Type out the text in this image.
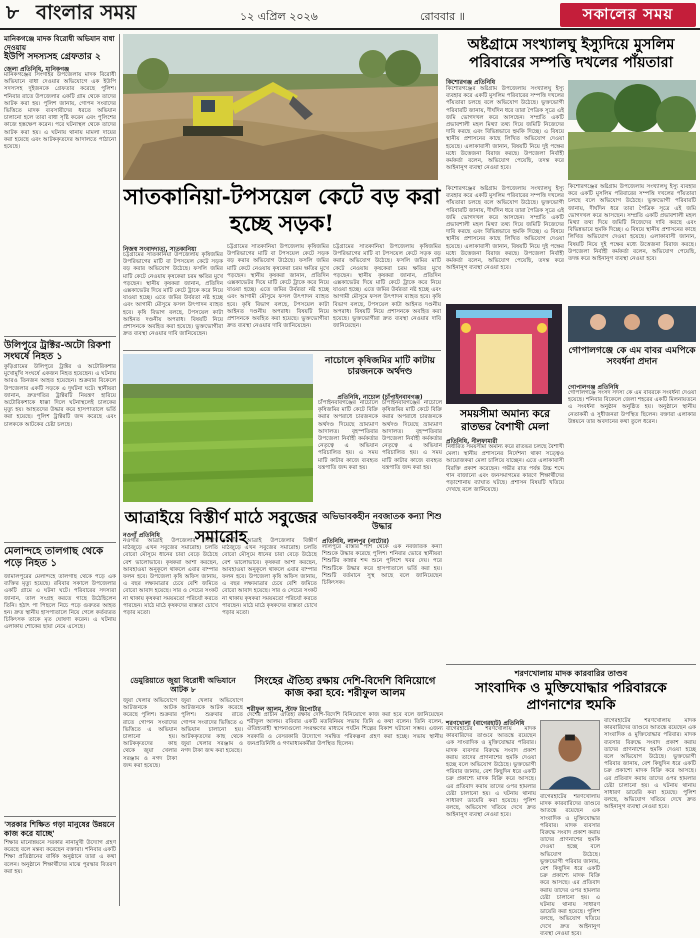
৮ বাংলার সময়	১২ এপ্রিল ২০২৬	রোববার ॥	সকালের সময়
মানিকগঞ্জে মাদক বিরোধী অভিযান বাধা দেওয়ায়
ইউপি সদস্যসহ গ্রেফতার ২
জেলা প্রতিনিধি, মানিকগঞ্জ
মানিকগঞ্জের সিংগাইর উপজেলায় মাদক বিরোধী অভিযানে বাধা দেওয়ার অভিযোগে এক ইউপি সদস্যসহ দুইজনকে গ্রেফতার করেছে পুলিশ। শনিবার রাতে উপজেলার একটি গ্রাম থেকে তাদের আটক করা হয়। পুলিশ জানায়, গোপন সংবাদের ভিত্তিতে মাদক ব্যবসায়ীদের ধরতে অভিযান চালানো হলে তারা বাধা সৃষ্টি করেন এবং পুলিশের কাজে হস্তক্ষেপ করেন। পরে ঘটনাস্থল থেকে তাদের আটক করা হয়। এ ঘটনায় থানায় মামলা দায়ের করা হয়েছে এবং আটককৃতদের আদালতে পাঠানো হয়েছে।
উলিপুরে ট্রাক্টর-অটো রিকশা সংঘর্ষে নিহত ১
কুড়িগ্রামের উলিপুরে ট্রাক্টর ও অটোরিকশার মুখোমুখি সংঘর্ষে একজন নিহত হয়েছেন। এ ঘটনায় আরও তিনজন আহত হয়েছেন। শুক্রবার বিকেলে উপজেলার একটি সড়কে এ দুর্ঘটনা ঘটে। স্থানীয়রা জানান, দ্রুতগতির ট্রাক্টরটি নিয়ন্ত্রণ হারিয়ে অটোরিকশাকে ধাক্কা দিলে ঘটনাস্থলেই চালকের মৃত্যু হয়। আহতদের উদ্ধার করে হাসপাতালে ভর্তি করা হয়েছে। পুলিশ ট্রাক্টরটি জব্দ করেছে এবং চালককে আটকের চেষ্টা চলছে।
মেলান্দহে তালগাছ থেকে পড়ে নিহত ১
জামালপুরের মেলান্দহে তালগাছ থেকে পড়ে এক ব্যক্তির মৃত্যু হয়েছে। রবিবার সকালে উপজেলার একটি গ্রামে এ ঘটনা ঘটে। পরিবারের সদস্যরা জানান, তাল সংগ্রহ করতে গাছে উঠেছিলেন তিনি। হঠাৎ পা পিছলে নিচে পড়ে গুরুতর আহত হন। দ্রুত স্থানীয় হাসপাতালে নিয়ে গেলে কর্তব্যরত চিকিৎসক তাকে মৃত ঘোষণা করেন। এ ঘটনায় এলাকায় শোকের ছায়া নেমে এসেছে।
'সরকার শিক্ষিত গড়া মানুষের উন্নয়নে কাজ করে যাচ্ছে'
শিক্ষার মানোন্নয়নে সরকার নানামুখী উদ্যোগ গ্রহণ করেছে বলে মন্তব্য করেছেন বক্তারা। শনিবার একটি শিক্ষা প্রতিষ্ঠানের বার্ষিক অনুষ্ঠানে তারা এ কথা বলেন। অনুষ্ঠানে শিক্ষার্থীদের মাঝে পুরস্কার বিতরণ করা হয়।
অষ্টগ্রামে সংখ্যালঘু ইস্যুদিয়ে মুসলিম পরিবারের সম্পত্তি দখলের পাঁয়তারা
কিশোরগঞ্জ প্রতিনিধি
কিশোরগঞ্জের অষ্টগ্রাম উপজেলায় সংখ্যালঘু ইস্যু ব্যবহার করে একটি মুসলিম পরিবারের সম্পত্তি দখলের পাঁয়তারা চলছে বলে অভিযোগ উঠেছে। ভুক্তভোগী পরিবারটি জানায়, দীর্ঘদিন ধরে তারা পৈত্রিক সূত্রে এই জমি ভোগদখল করে আসছেন। সম্প্রতি একটি প্রভাবশালী মহল মিথ্যা তথ্য দিয়ে জমিটি নিজেদের দাবি করছে এবং বিভিন্নভাবে হুমকি দিচ্ছে। এ বিষয়ে স্থানীয় প্রশাসনের কাছে লিখিত অভিযোগ দেওয়া হয়েছে। এলাকাবাসী জানান, বিষয়টি নিয়ে দুই পক্ষের মধ্যে উত্তেজনা বিরাজ করছে। উপজেলা নির্বাহী কর্মকর্তা বলেন, অভিযোগ পেয়েছি, তদন্ত করে আইনানুগ ব্যবস্থা নেওয়া হবে।
কিশোরগঞ্জের অষ্টগ্রাম উপজেলায় সংখ্যালঘু ইস্যু ব্যবহার করে একটি মুসলিম পরিবারের সম্পত্তি দখলের পাঁয়তারা চলছে বলে অভিযোগ উঠেছে। ভুক্তভোগী পরিবারটি জানায়, দীর্ঘদিন ধরে তারা পৈত্রিক সূত্রে এই জমি ভোগদখল করে আসছেন। সম্প্রতি একটি প্রভাবশালী মহল মিথ্যা তথ্য দিয়ে জমিটি নিজেদের দাবি করছে এবং বিভিন্নভাবে হুমকি দিচ্ছে। এ বিষয়ে স্থানীয় প্রশাসনের কাছে লিখিত অভিযোগ দেওয়া হয়েছে। এলাকাবাসী জানান, বিষয়টি নিয়ে দুই পক্ষের মধ্যে উত্তেজনা বিরাজ করছে। উপজেলা নির্বাহী কর্মকর্তা বলেন, অভিযোগ পেয়েছি, তদন্ত করে আইনানুগ ব্যবস্থা নেওয়া হবে।
কিশোরগঞ্জের অষ্টগ্রাম উপজেলায় সংখ্যালঘু ইস্যু ব্যবহার করে একটি মুসলিম পরিবারের সম্পত্তি দখলের পাঁয়তারা চলছে বলে অভিযোগ উঠেছে। ভুক্তভোগী পরিবারটি জানায়, দীর্ঘদিন ধরে তারা পৈত্রিক সূত্রে এই জমি ভোগদখল করে আসছেন। সম্প্রতি একটি প্রভাবশালী মহল মিথ্যা তথ্য দিয়ে জমিটি নিজেদের দাবি করছে এবং বিভিন্নভাবে হুমকি দিচ্ছে। এ বিষয়ে স্থানীয় প্রশাসনের কাছে লিখিত অভিযোগ দেওয়া হয়েছে। এলাকাবাসী জানান, বিষয়টি নিয়ে দুই পক্ষের মধ্যে উত্তেজনা বিরাজ করছে। উপজেলা নির্বাহী কর্মকর্তা বলেন, অভিযোগ পেয়েছি, তদন্ত করে আইনানুগ ব্যবস্থা নেওয়া হবে।
সাতকানিয়া-টপসয়েল কেটে বড় করা হচ্ছে সড়ক!
নিজস্ব সংবাদদাতা, সাতকানিয়া
চট্টগ্রামের সাতকানিয়া উপজেলায় কৃষিজমির উপরিভাগের মাটি বা টপসয়েল কেটে সড়ক বড় করার অভিযোগ উঠেছে। ফসলি জমির মাটি কেটে নেওয়ায় কৃষকেরা চরম ক্ষতির মুখে পড়ছেন। স্থানীয় কৃষকরা জানান, প্রতিদিন এক্সকাভেটর দিয়ে মাটি কেটে ট্রাকে করে নিয়ে যাওয়া হচ্ছে। এতে জমির উর্বরতা নষ্ট হচ্ছে এবং আগামী মৌসুমে ফসল উৎপাদন ব্যাহত হবে। কৃষি বিভাগ বলছে, টপসয়েল কাটা আইনত দণ্ডনীয় অপরাধ। বিষয়টি নিয়ে প্রশাসনকে অবহিত করা হয়েছে। ভুক্তভোগীরা দ্রুত ব্যবস্থা নেওয়ার দাবি জানিয়েছেন।
চট্টগ্রামের সাতকানিয়া উপজেলায় কৃষিজমির উপরিভাগের মাটি বা টপসয়েল কেটে সড়ক বড় করার অভিযোগ উঠেছে। ফসলি জমির মাটি কেটে নেওয়ায় কৃষকেরা চরম ক্ষতির মুখে পড়ছেন। স্থানীয় কৃষকরা জানান, প্রতিদিন এক্সকাভেটর দিয়ে মাটি কেটে ট্রাকে করে নিয়ে যাওয়া হচ্ছে। এতে জমির উর্বরতা নষ্ট হচ্ছে এবং আগামী মৌসুমে ফসল উৎপাদন ব্যাহত হবে। কৃষি বিভাগ বলছে, টপসয়েল কাটা আইনত দণ্ডনীয় অপরাধ। বিষয়টি নিয়ে প্রশাসনকে অবহিত করা হয়েছে। ভুক্তভোগীরা দ্রুত ব্যবস্থা নেওয়ার দাবি জানিয়েছেন।
চট্টগ্রামের সাতকানিয়া উপজেলায় কৃষিজমির উপরিভাগের মাটি বা টপসয়েল কেটে সড়ক বড় করার অভিযোগ উঠেছে। ফসলি জমির মাটি কেটে নেওয়ায় কৃষকেরা চরম ক্ষতির মুখে পড়ছেন। স্থানীয় কৃষকরা জানান, প্রতিদিন এক্সকাভেটর দিয়ে মাটি কেটে ট্রাকে করে নিয়ে যাওয়া হচ্ছে। এতে জমির উর্বরতা নষ্ট হচ্ছে এবং আগামী মৌসুমে ফসল উৎপাদন ব্যাহত হবে। কৃষি বিভাগ বলছে, টপসয়েল কাটা আইনত দণ্ডনীয় অপরাধ। বিষয়টি নিয়ে প্রশাসনকে অবহিত করা হয়েছে। ভুক্তভোগীরা দ্রুত ব্যবস্থা নেওয়ার দাবি জানিয়েছেন।
নাচোলে কৃষিজমির মাটি কাটায় চারজনকে অর্থদণ্ড
প্রতিনিধি, নাচোল (চাঁপাইনবাবগঞ্জ)
চাঁপাইনবাবগঞ্জের নাচোলে কৃষিজমির মাটি কেটে বিক্রি করার অপরাধে চারজনকে অর্থদণ্ড দিয়েছে ভ্রাম্যমাণ আদালত। বৃহস্পতিবার উপজেলা নির্বাহী কর্মকর্তার নেতৃত্বে এ অভিযান পরিচালিত হয়। এ সময় মাটি কাটার কাজে ব্যবহৃত যন্ত্রপাতি জব্দ করা হয়।
চাঁপাইনবাবগঞ্জের নাচোলে কৃষিজমির মাটি কেটে বিক্রি করার অপরাধে চারজনকে অর্থদণ্ড দিয়েছে ভ্রাম্যমাণ আদালত। বৃহস্পতিবার উপজেলা নির্বাহী কর্মকর্তার নেতৃত্বে এ অভিযান পরিচালিত হয়। এ সময় মাটি কাটার কাজে ব্যবহৃত যন্ত্রপাতি জব্দ করা হয়।
আত্রাইয়ে বিস্তীর্ণ মাঠে সবুজের সমারোহ
নওগাঁ প্রতিনিধি
নওগাঁর আত্রাই উপজেলার বিস্তীর্ণ মাঠজুড়ে এখন সবুজের সমারোহ। চলতি বোরো মৌসুমে ধানের চারা বেড়ে উঠেছে বেশ ভালোভাবে। কৃষকরা আশা করছেন, আবহাওয়া অনুকূলে থাকলে এবার বাম্পার ফলন হবে। উপজেলা কৃষি অফিস জানায়, এ বছর লক্ষ্যমাত্রার চেয়ে বেশি জমিতে বোরো আবাদ হয়েছে। সার ও সেচের সংকট না থাকায় কৃষকরা সময়মতো পরিচর্যা করতে পারছেন। মাঠে মাঠে কৃষকদের ব্যস্ততা চোখে পড়ার মতো।
নওগাঁর আত্রাই উপজেলার বিস্তীর্ণ মাঠজুড়ে এখন সবুজের সমারোহ। চলতি বোরো মৌসুমে ধানের চারা বেড়ে উঠেছে বেশ ভালোভাবে। কৃষকরা আশা করছেন, আবহাওয়া অনুকূলে থাকলে এবার বাম্পার ফলন হবে। উপজেলা কৃষি অফিস জানায়, এ বছর লক্ষ্যমাত্রার চেয়ে বেশি জমিতে বোরো আবাদ হয়েছে। সার ও সেচের সংকট না থাকায় কৃষকরা সময়মতো পরিচর্যা করতে পারছেন। মাঠে মাঠে কৃষকদের ব্যস্ততা চোখে পড়ার মতো।
অভিভাবকহীন নবজাতক কন্যা শিশু উদ্ধার
প্রতিনিধি, লালপুর (নাটোর)
লালপুরে রাস্তার পাশ থেকে এক নবজাতক কন্যা শিশুকে উদ্ধার করেছে পুলিশ। শনিবার ভোরে স্থানীয়রা শিশুটির কান্নার শব্দ শুনে পুলিশে খবর দেয়। পরে শিশুটিকে উদ্ধার করে হাসপাতালে ভর্তি করা হয়। শিশুটি বর্তমানে সুস্থ আছে বলে জানিয়েছেন চিকিৎসক।
সময়সীমা অমান্য করে রাতভর বৈশাখী মেলা
প্রতিনিধি, নীলফামারী
নির্ধারিত সময়সীমা অমান্য করে রাতভর চলছে বৈশাখী মেলা। স্থানীয় প্রশাসনের নির্দেশনা থাকা সত্ত্বেও আয়োজকরা মেলা চালিয়ে যাচ্ছেন। এতে এলাকাবাসী বিরক্তি প্রকাশ করেছেন। গভীর রাত পর্যন্ত উচ্চ শব্দে গান বাজানো এবং জনসমাগমের কারণে শিক্ষার্থীদের পড়াশোনায় ব্যাঘাত ঘটছে। প্রশাসন বিষয়টি খতিয়ে দেখছে বলে জানিয়েছে।
গোপালগঞ্জে কে এম বাবর এমপিকে সংবর্ধনা প্রদান
গোপালগঞ্জ প্রতিনিধি
গোপালগঞ্জে সংসদ সদস্য কে এম বাবরকে সংবর্ধনা দেওয়া হয়েছে। শনিবার বিকেলে জেলা শহরের একটি মিলনায়তনে এ সংবর্ধনা অনুষ্ঠান অনুষ্ঠিত হয়। অনুষ্ঠানে স্থানীয় নেতাকর্মী ও সুধীজনরা উপস্থিত ছিলেন। বক্তারা এলাকার উন্নয়নে তার অবদানের কথা তুলে ধরেন।
ডেমুরিয়াতে জুয়া বিরোধী অভিযানে আটক ৮
জুয়া খেলার অভিযোগে আটজনকে আটক করেছে পুলিশ। শুক্রবার রাতে গোপন সংবাদের ভিত্তিতে এ অভিযান চালানো হয়। আটককৃতদের কাছ থেকে জুয়া খেলার সরঞ্জাম ও নগদ টাকা জব্দ করা হয়েছে।
জুয়া খেলার অভিযোগে আটজনকে আটক করেছে পুলিশ। শুক্রবার রাতে গোপন সংবাদের ভিত্তিতে এ অভিযান চালানো হয়। আটককৃতদের কাছ থেকে জুয়া খেলার সরঞ্জাম ও নগদ টাকা জব্দ করা হয়েছে।
সিংহের ঐতিহ্য রক্ষায় দেশি-বিদেশি বিনিয়োগে কাজ করা হবে: শরীফুল আলম
শরীফুল আলম, স্টাফ রিপোর্টার
দেশের প্রাচীন ঐতিহ্য রক্ষায় দেশি-বিদেশি বিনিয়োগে কাজ করা হবে বলে জানিয়েছেন শরীফুল আলম। রবিবার একটি মতবিনিময় সভায় তিনি এ কথা বলেন। তিনি বলেন, ঐতিহ্যবাহী স্থাপনাগুলো সংরক্ষণের মাধ্যমে পর্যটন শিল্পের বিকাশ ঘটানো সম্ভব। এজন্য সরকারি ও বেসরকারি উদ্যোগে সমন্বিত পরিকল্পনা গ্রহণ করা হচ্ছে। সভায় স্থানীয় জনপ্রতিনিধি ও গণমাধ্যমকর্মীরা উপস্থিত ছিলেন।
শরণখোলায় মাদক কারবারির তাণ্ডব
সাংবাদিক ও মুক্তিযোদ্ধার পরিবারকে প্রাণনাশের হুমকি
শরণখোলা (বাগেরহাট) প্রতিনিধি
বাগেরহাটের শরণখোলায় মাদক কারবারিদের তাণ্ডবে আতঙ্কে রয়েছেন এক সাংবাদিক ও মুক্তিযোদ্ধার পরিবার। মাদক ব্যবসার বিরুদ্ধে সংবাদ প্রকাশ করায় তাদের প্রাণনাশের হুমকি দেওয়া হচ্ছে বলে অভিযোগ উঠেছে। ভুক্তভোগী পরিবার জানায়, বেশ কিছুদিন ধরে একটি চক্র প্রকাশ্যে মাদক বিক্রি করে আসছে। এর প্রতিবাদ করায় তাদের ওপর হামলার চেষ্টা চালানো হয়। এ ঘটনায় থানায় সাধারণ ডায়েরি করা হয়েছে। পুলিশ বলছে, অভিযোগ খতিয়ে দেখে দ্রুত আইনানুগ ব্যবস্থা নেওয়া হবে।
বাগেরহাটের শরণখোলায় মাদক কারবারিদের তাণ্ডবে আতঙ্কে রয়েছেন এক সাংবাদিক ও মুক্তিযোদ্ধার পরিবার। মাদক ব্যবসার বিরুদ্ধে সংবাদ প্রকাশ করায় তাদের প্রাণনাশের হুমকি দেওয়া হচ্ছে বলে অভিযোগ উঠেছে। ভুক্তভোগী পরিবার জানায়, বেশ কিছুদিন ধরে একটি চক্র প্রকাশ্যে মাদক বিক্রি করে আসছে। এর প্রতিবাদ করায় তাদের ওপর হামলার চেষ্টা চালানো হয়। এ ঘটনায় থানায় সাধারণ ডায়েরি করা হয়েছে। পুলিশ বলছে, অভিযোগ খতিয়ে দেখে দ্রুত আইনানুগ ব্যবস্থা নেওয়া হবে।
বাগেরহাটের শরণখোলায় মাদক কারবারিদের তাণ্ডবে আতঙ্কে রয়েছেন এক সাংবাদিক ও মুক্তিযোদ্ধার পরিবার। মাদক ব্যবসার বিরুদ্ধে সংবাদ প্রকাশ করায় তাদের প্রাণনাশের হুমকি দেওয়া হচ্ছে বলে অভিযোগ উঠেছে। ভুক্তভোগী পরিবার জানায়, বেশ কিছুদিন ধরে একটি চক্র প্রকাশ্যে মাদক বিক্রি করে আসছে। এর প্রতিবাদ করায় তাদের ওপর হামলার চেষ্টা চালানো হয়। এ ঘটনায় থানায় সাধারণ ডায়েরি করা হয়েছে। পুলিশ বলছে, অভিযোগ খতিয়ে দেখে দ্রুত আইনানুগ ব্যবস্থা নেওয়া হবে।
